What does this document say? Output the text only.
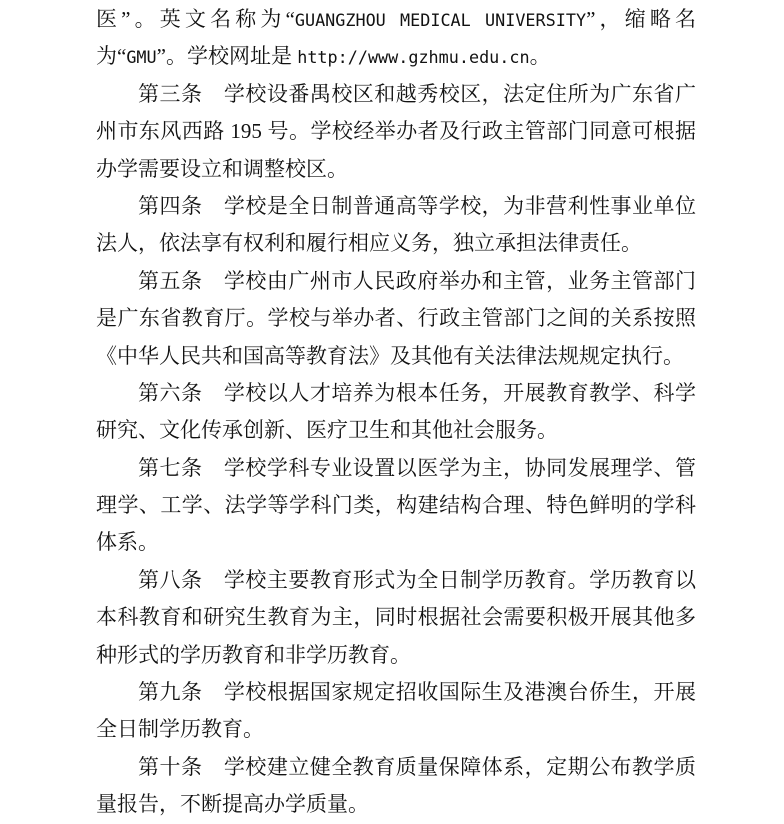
医”。英文名称为“GUANGZHOU MEDICAL UNIVERSITY”，缩略名
为“GMU”。学校网址是 http://www.gzhmu.edu.cn。
第三条　学校设番禺校区和越秀校区，法定住所为广东省广
州市东风西路 195 号。学校经举办者及行政主管部门同意可根据
办学需要设立和调整校区。
第四条　学校是全日制普通高等学校，为非营利性事业单位
法人，依法享有权利和履行相应义务，独立承担法律责任。
第五条　学校由广州市人民政府举办和主管，业务主管部门
是广东省教育厅。学校与举办者、行政主管部门之间的关系按照
《中华人民共和国高等教育法》及其他有关法律法规规定执行。
第六条　学校以人才培养为根本任务，开展教育教学、科学
研究、文化传承创新、医疗卫生和其他社会服务。
第七条　学校学科专业设置以医学为主，协同发展理学、管
理学、工学、法学等学科门类，构建结构合理、特色鲜明的学科
体系。
第八条　学校主要教育形式为全日制学历教育。学历教育以
本科教育和研究生教育为主，同时根据社会需要积极开展其他多
种形式的学历教育和非学历教育。
第九条　学校根据国家规定招收国际生及港澳台侨生，开展
全日制学历教育。
第十条　学校建立健全教育质量保障体系，定期公布教学质
量报告，不断提高办学质量。
